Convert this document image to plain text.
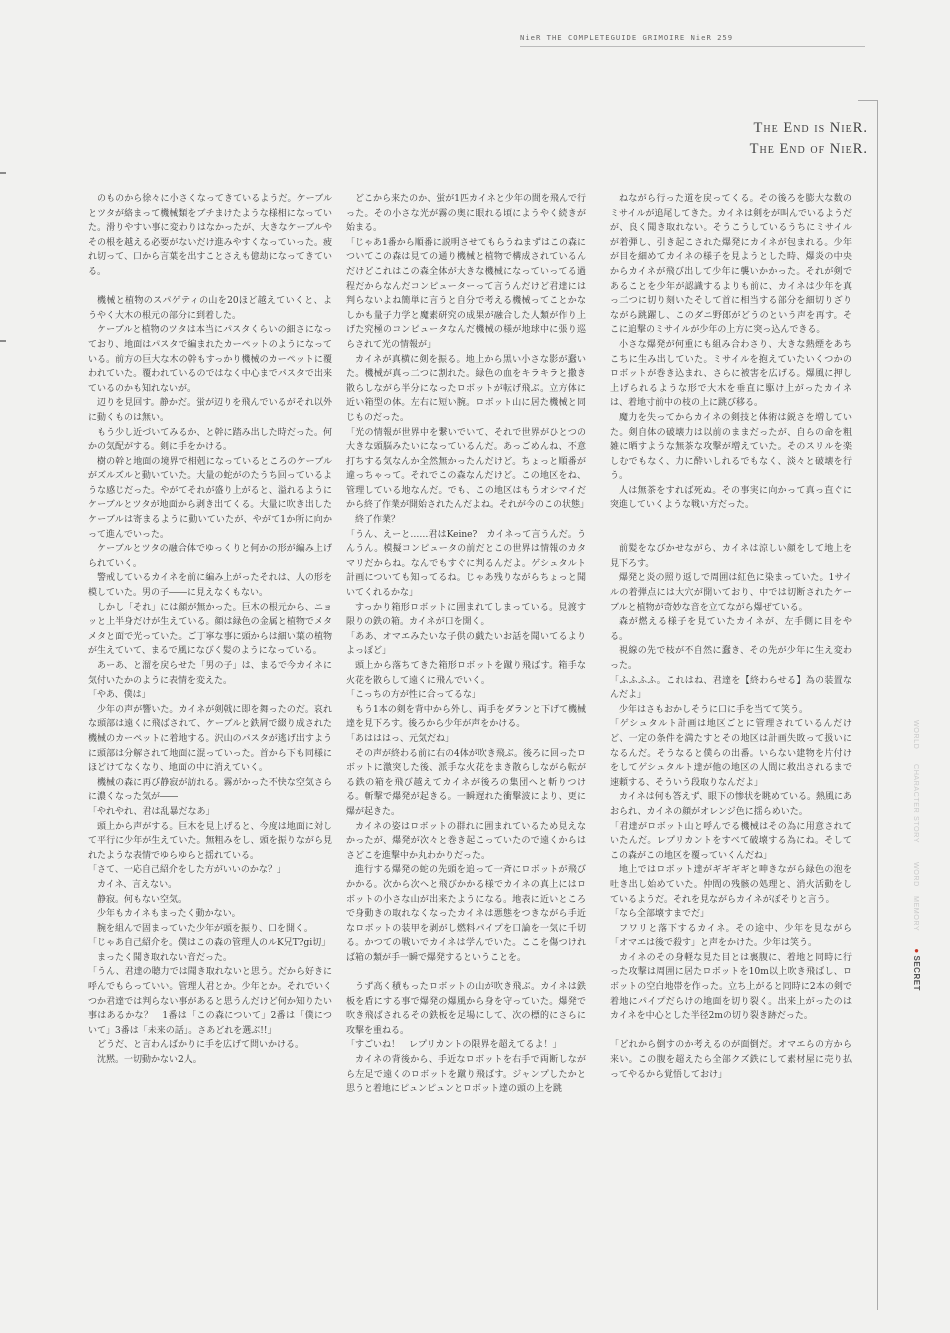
NieR THE COMPLETEGUIDE GRIMOIRE NieR 259
The End is NieR.
The End of NieR.

のものから徐々に小さくなってきているようだ。ケーブルとツタが絡まって機械類をブチまけたような様相になっていた。滑りやすい事に変わりはなかったが、大きなケーブルやその根を越える必要がないだけ進みやすくなっていった。疲れ切って、口から言葉を出すことさえも億劫になってきている。

機械と植物のスパゲティの山を20ほど越えていくと、ようやく大木の根元の部分に到着した。

ケーブルと植物のツタは本当にパスタくらいの細さになっており、地面はパスタで編まれたカーペットのようになっている。前方の巨大な木の幹もすっかり機械のカーペットに覆われていた。覆われているのではなく中心までパスタで出来ているのかも知れないが。

辺りを見回す。静かだ。蛍が辺りを飛んでいるがそれ以外に動くものは無い。

もう少し近づいてみるか、と幹に踏み出した時だった。何かの気配がする。剣に手をかける。

樹の幹と地面の境界で相剋になっているところのケーブルがズルズルと動いていた。大量の蛇がのたうち回っているような感じだった。やがてそれが盛り上がると、溢れるようにケーブルとツタが地面から剥き出てくる。大量に吹き出したケーブルは寄まるように動いていたが、やがて1か所に向かって進んでいった。

ケーブルとツタの融合体でゆっくりと何かの形が編み上げられていく。

警戒しているカイネを前に編み上がったそれは、人の形を模していた。男の子――に見えなくもない。

しかし「それ」には顔が無かった。巨木の根元から、ニョッと上半身だけが生えている。顔は緑色の金属と植物でメタメタと面で光っていた。ご丁寧な事に頭からは細い葉の植物が生えていて、まるで風になびく髪のようになっている。

あーあ、と溜を戻らせた「男の子」は、まるで今カイネに気付いたかのように表情を変えた。

「やあ、僕は」

少年の声が響いた。カイネが剣戟に即を舞ったのだ。哀れな頭部は遠くに飛ばされて、ケーブルと鉄屑で綴り成された機械のカーペットに着地する。沢山のパスタが逃げ出すように頭部は分解されて地面に混っていった。首から下も同様にほどけてなくなり、地面の中に消えていく。

機械の森に再び静寂が訪れる。霧がかった不快な空気さらに濃くなった気が――

「やれやれ、君は乱暴だなあ」

頭上から声がする。巨木を見上げると、今度は地面に対して平行に少年が生えていた。無粗みをし、頭を振りながら見れたような表情でゆらゆらと揺れている。

「さて、一応自己紹介をした方がいいのかな？」

カイネ、言えない。

静寂。何もない空気。

少年もカイネもまったく動かない。

腕を組んで固まっていた少年が頭を振り、口を開く。

「じゃあ自己紹介を。僕はこの森の管理人のルK兄T?gi切」

まったく聞き取れない音だった。

「うん、君達の聴力では聞き取れないと思う。だから好きに呼んでもらっていい。管理人君とか。少年とか。それでいくつか君達では判らない事があると思うんだけど何か知りたい事はあるかな？　1番は「この森について」2番は「僕について」3番は「未来の話」。さあどれを選ぶ!!」

どうだ、と言わんばかりに手を広げて問いかける。

沈黙。一切動かない2人。

どこから来たのか、蛍が1匹カイネと少年の間を飛んで行った。その小さな光が霧の奥に眼れる頃にようやく続きが始まる。

「じゃあ1番から順番に説明させてもらうねまずはこの森についてこの森は見ての通り機械と植物で構成されているんだけどこれはこの森全体が大きな機械になっていってる過程だからなんだコンピューターって言うんだけど君達には判らないよね簡単に言うと自分で考える機械ってことかなしかも量子力学と魔素研究の成果が融合した人類が作り上げた究極のコンピュータなんだ機械の様が地球中に張り巡らされて光の情報が」

カイネが真横に剣を振る。地上から黒い小さな影が蠢いた。機械が真っ二つに割れた。緑色の血をキラキラと撒き散らしながら半分になったロボットが転げ飛ぶ。立方体に近い箱型の体。左右に短い腕。ロボット山に居た機械と同じものだった。

「光の情報が世界中を繋いでいて、それで世界がひとつの大きな頭脳みたいになっているんだ。あっごめんね、不意打ちする気なんか全然無かったんだけど。ちょっと順番が違っちゃって。それでこの森なんだけど。この地区をね、管理している地なんだ。でも、この地区はもうオシマイだから終了作業が開始されたんだよね。それが今のこの状態」

終了作業？

「うん、えーと……君はKeine?　カイネって言うんだ。うんうん。模擬コンピュータの前だとこの世界は情報のカタマリだからね。なんでもすぐに判るんだよ。ゲシュタルト計画についても知ってるね。じゃあ残りながらちょっと聞いてくれるかな」

すっかり箱形ロボットに囲まれてしまっている。見渡す限りの鉄の箱。カイネが口を開く。

「ああ、オマエみたいな子供の戯たいお話を聞いてるよりよっぽど」

頭上から落ちてきた箱形ロボットを蹴り飛ばす。箱手な火花を散らして遠くに飛んでいく。

「こっちの方が性に合ってるな」

もう1本の剣を背中から外し、両手をダランと下げて機械達を見下ろす。後ろから少年が声をかける。

「あはははっ、元気だね」

その声が終わる前に右の4体が吹き飛ぶ。後ろに回ったロボットに激突した後、派手な火花をまき散らしながら転がる鉄の箱を飛び越えてカイネが後ろの集団へと斬りつける。斬撃で爆発が起きる。一瞬遅れた衝撃波により、更に爆が起きた。

カイネの姿はロボットの群れに囲まれているため見えなかったが、爆発が次々と巻き起こっていたので遠くからはさどこを進撃中か丸わかりだった。

進行する爆発の蛇の先頭を追って一斉にロボットが飛びかかる。次から次へと飛びかかる様でカイネの真上にはロボットの小さな山が出来たようになる。地表に近いところで身動きの取れなくなったカイネは悪態をつきながら手近なロボットの装甲を剥がし燃料パイプを口論を一気に千切る。かつての戦いでカイネは学んでいた。ここを傷つければ箱の類が手一瞬で爆発するということを。

うず高く積もったロボットの山が吹き飛ぶ。カイネは鉄板を盾にする事で爆発の爆風から身を守っていた。爆発で吹き飛ばされるその鉄板を足場にして、次の標的にさらに攻撃を重ねる。

「すごいね！　レプリカントの限界を超えてるよ！」

カイネの背後から、手近なロボットを右手で両断しながら左足で遠くのロボットを蹴り飛ばす。ジャンプしたかと思うと着地にピュンピュンとロボット達の頭の上を跳

ねながら行った道を戻ってくる。その後ろを膨大な数のミサイルが追尾してきた。カイネは剣をが叫んでいるようだが、良く聞き取れない。そうこうしているうちにミサイルが着弾し、引き起こされた爆発にカイネが包まれる。少年が目を細めてカイネの様子を見ようとした時、爆炎の中央からカイネが飛び出して少年に襲いかかった。それが剣であることを少年が認識するよりも前に、カイネは少年を真っ二つに切り刻いたそして首に相当する部分を細切りざりながら跳躍し、このダニ野郎がどうのという声を再す。そこに追撃のミサイルが少年の上方に突っ込んできる。

小さな爆発が何重にも組み合わさり、大きな熱煙をあちこちに生み出していた。ミサイルを抱えていたいくつかのロボットが巻き込まれ、さらに被害を広げる。爆風に押し上げられるような形で大木を垂直に駆け上がったカイネは、着地寸前中の枝の上に跳び移る。

魔力を失ってからカイネの剣技と体術は鋭さを増していた。剣自体の破壊力は以前のままだったが、自らの命を粗雑に晒すような無茶な攻撃が増えていた。そのスリルを楽しむでもなく、力に酔いしれるでもなく、淡々と破壊を行う。

人は無茶をすれば死ぬ。その事実に向かって真っ直ぐに突進していくような戦い方だった。

前髪をなびかせながら、カイネは涼しい顔をして地上を見下ろす。

爆発と炎の照り返しで周囲は紅色に染まっていた。1サイルの着弾点には大穴が開いており、中では切断されたケーブルと植物が奇妙な音を立てながら爆ぜている。

森が燃える様子を見ていたカイネが、左手側に目をやる。

視線の先で枝が不自然に蠢き、その先が少年に生え変わった。

「ふふふふ。これはね、君達を【終わらせる】為の装置なんだよ」

少年はさもおかしそうに口に手を当てて笑う。

「ゲシュタルト計画は地区ごとに管理されているんだけど、一定の条件を満たすとその地区は計画失敗って扱いになるんだ。そうなると僕らの出番。いらない建物を片付けをしてゲシュタルト達が他の地区の人間に救出されるまで速頼する、そういう段取りなんだよ」

カイネは何も答えず、眼下の惨状を眺めている。熱風にあおられ、カイネの顔がオレンジ色に揺らめいた。

「君達がロボット山と呼んでる機械はその為に用意されていたんだ。レプリカントをすべて破壊する為にね。そしてこの森がこの地区を覆っていくんだね」

地上ではロボット達がギギギギと呻きながら緑色の泡を吐き出し始めていた。仲間の残骸の処理と、消火活動をしているようだ。それを見ながらカイネがぼそりと言う。

「なら全部壊すまでだ」

フワリと落下するカイネ。その途中、少年を見ながら「オマエは後で殺す」と声をかけた。少年は笑う。

カイネのその身軽な見た目とは裏腹に、着地と同時に行った攻撃は周囲に居たロボットを10m以上吹き飛ばし、ロボットの空白地帯を作った。立ち上がると同時に2本の剣で着地にパイプだらけの地面を切り裂く。出来上がったのはカイネを中心とした半径2mの切り裂き跡だった。

「どれから倒すのか考えるのが面倒だ。オマエらの方から来い。この腹を超えたら全部クズ鉄にして素材屋に売り払ってやるから覚悟しておけ」

WORLD
CHARACTER
STORY
WORD
MEMORY
●SECRET
